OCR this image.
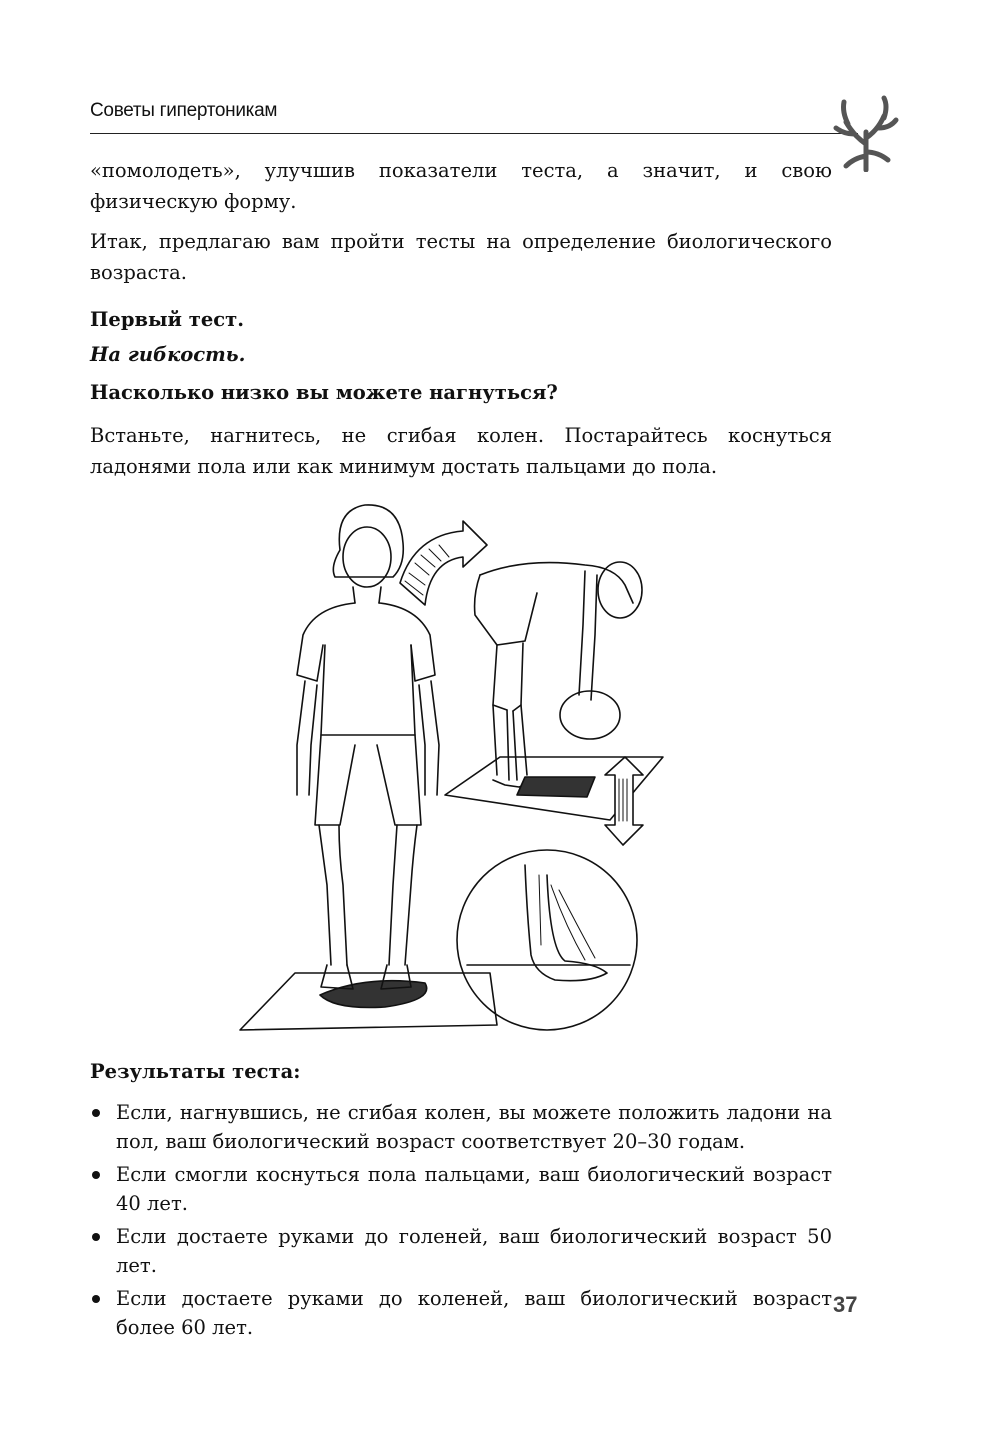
Советы гипертоникам

«помолодеть», улучшив показатели теста, а значит, и свою физическую форму.

Итак, предлагаю вам пройти тесты на определение биологического возраста.

Первый тест.
На гибкость.
Насколько низко вы можете нагнуться?

Встаньте, нагнитесь, не сгибая колен. Постарайтесь коснуться ладонями пола или как минимум достать пальцами до пола.

Результаты теста:
Если, нагнувшись, не сгибая колен, вы можете положить ладони на пол, ваш биологический возраст соответствует 20–30 годам.
Если смогли коснуться пола пальцами, ваш биологический возраст 40 лет.
Если достаете руками до голеней, ваш биологический возраст 50 лет.
Если достаете руками до коленей, ваш биологический возраст более 60 лет.
37
